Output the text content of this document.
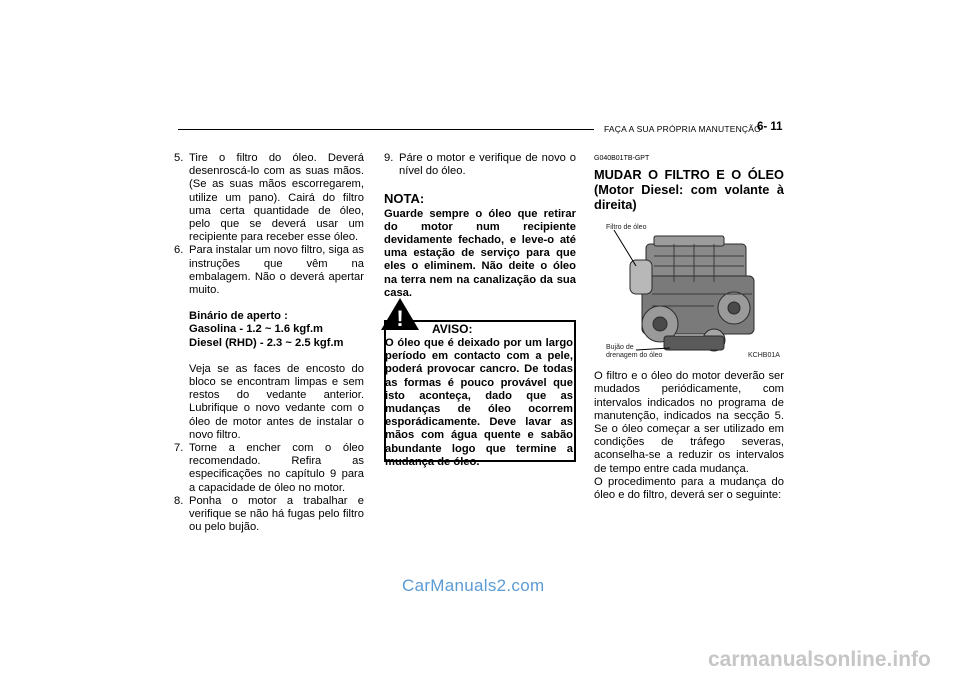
FAÇA A SUA PRÓPRIA MANUTENÇÃO
6- 11
5. Tire o filtro do óleo. Deverá desenroscá-lo com as suas mãos.(Se as suas mãos escorregarem, utilize um pano). Cairá do filtro uma certa quantidade de óleo, pelo que se deverá usar um recipiente para receber esse óleo.
6. Para instalar um novo filtro, siga as instruções que vêm na embalagem. Não o deverá apertar muito.
Binário de aperto :
Gasolina - 1.2 ~ 1.6 kgf.m
Diesel (RHD) - 2.3 ~ 2.5 kgf.m
Veja se as faces de encosto do bloco se encontram limpas e sem restos do vedante anterior. Lubrifique o novo vedante com o óleo de motor antes de instalar o novo filtro.
7. Torne a encher com o óleo recomendado. Refira as especificações no capítulo 9 para a capacidade de óleo no motor.
8. Ponha o motor a trabalhar e verifique se não há fugas pelo filtro ou pelo bujão.
9. Páre o motor e verifique de novo o nível do óleo.
NOTA:
Guarde sempre o óleo que retirar do motor num recipiente devidamente fechado, e leve-o até uma estação de serviço para que eles o eliminem. Não deite o óleo na terra nem na canalização da sua casa.
! AVISO:
O óleo que é deixado por um largo período em contacto com a pele, poderá provocar cancro. De todas as formas é pouco provável que isto aconteça, dado que as mudanças de óleo ocorrem esporádicamente. Deve lavar as mãos com água quente e sabão abundante logo que termine a mudança de óleo.
G040B01TB-GPT
MUDAR O FILTRO E O ÓLEO (Motor Diesel: com volante à direita)
Filtro de óleo
Bujão de
drenagem do óleo	KCHB01A
O filtro e o óleo do motor deverão ser mudados periódicamente, com intervalos indicados no programa de manutenção, indicados na secção 5. Se o óleo começar a ser utilizado em condições de tráfego severas, aconselha-se a reduzir os intervalos de tempo entre cada mudança.
O procedimento para a mudança do óleo e do filtro, deverá ser o seguinte:
CarManuals2.com
carmanualsonline.info
